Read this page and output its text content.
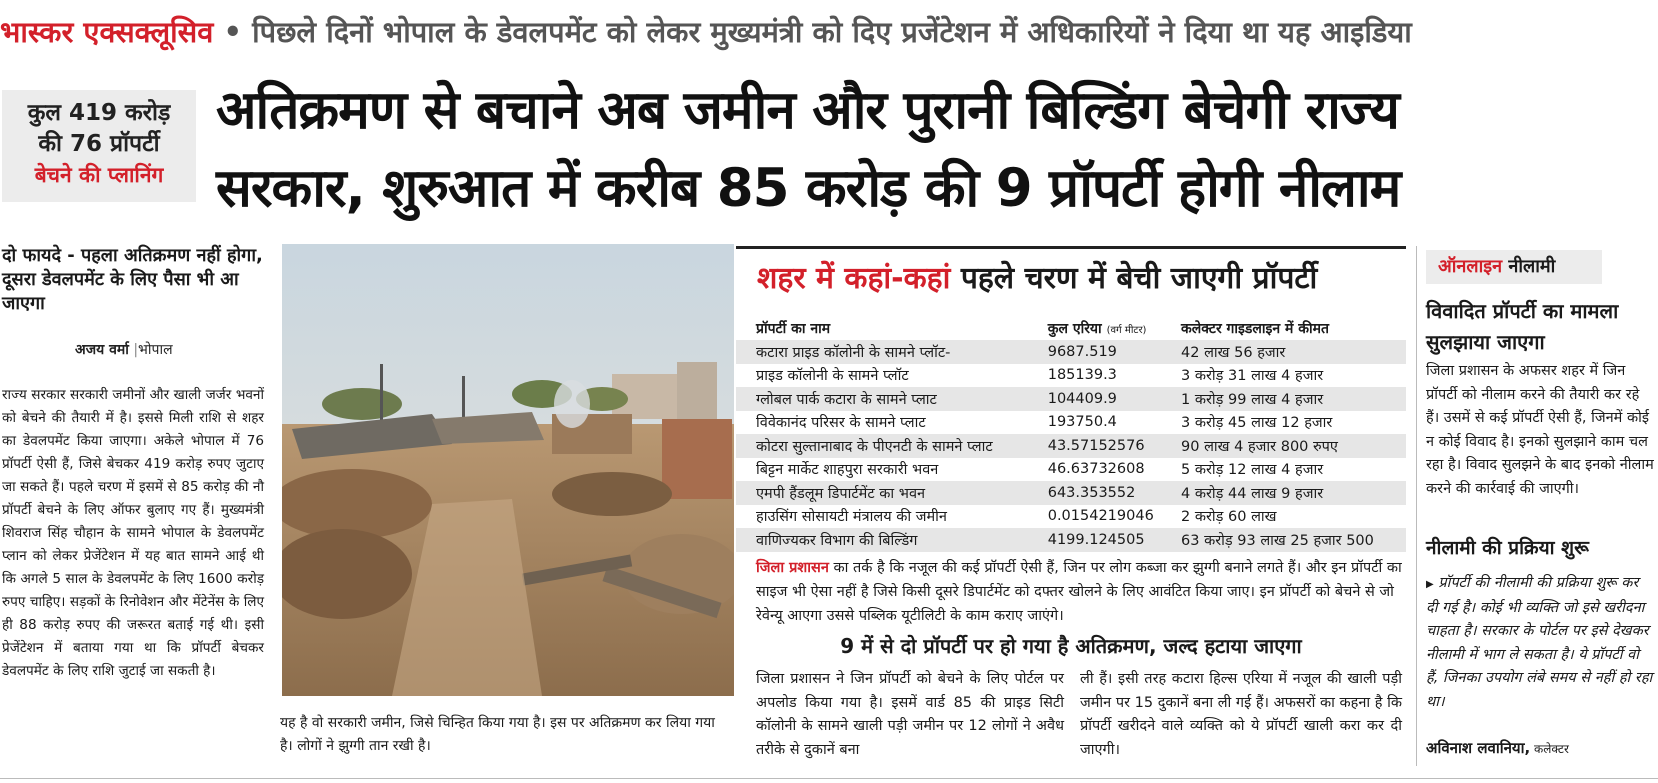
भास्कर एक्सक्लूसिव • पिछले दिनों भोपाल के डेवलपमेंट को लेकर मुख्यमंत्री को दिए प्रजेंटेशन में अधिकारियों ने दिया था यह आइडिया
कुल 419 करोड़
की 76 प्रॉपर्टी
बेचने की प्लानिंग
अतिक्रमण से बचाने अब जमीन और पुरानी बिल्डिंग बेचेगी राज्य
सरकार, शुरुआत में करीब 85 करोड़ की 9 प्रॉपर्टी होगी नीलाम
दो फायदे - पहला अतिक्रमण नहीं होगा, दूसरा डेवलपमेंट के लिए पैसा भी आ जाएगा
अजय वर्मा |भोपाल
राज्य सरकार सरकारी जमीनों और खाली जर्जर भवनों को बेचने की तैयारी में है। इससे मिली राशि से शहर का डेवलपमेंट किया जाएगा। अकेले भोपाल में 76 प्रॉपर्टी ऐसी हैं, जिसे बेचकर 419 करोड़ रुपए जुटाए जा सकते हैं। पहले चरण में इसमें से 85 करोड़ की नौ प्रॉपर्टी बेचने के लिए ऑफर बुलाए गए हैं। मुख्यमंत्री शिवराज सिंह चौहान के सामने भोपाल के डेवलपमेंट प्लान को लेकर प्रेजेंटेशन में यह बात सामने आई थी कि अगले 5 साल के डेवलपमेंट के लिए 1600 करोड़ रुपए चाहिए। सड़कों के रिनोवेशन और मेंटेनेंस के लिए ही 88 करोड़ रुपए की जरूरत बताई गई थी। इसी प्रेजेंटेशन में बताया गया था कि प्रॉपर्टी बेचकर डेवलपमेंट के लिए राशि जुटाई जा सकती है।
यह है वो सरकारी जमीन, जिसे चिन्हित किया गया है। इस पर अतिक्रमण कर लिया गया है। लोगों ने झुग्गी तान रखी है।
शहर में कहां-कहां पहले चरण में बेची जाएगी प्रॉपर्टी
प्रॉपर्टी का नाम	कुल एरिया (वर्ग मीटर)	कलेक्टर गाइडलाइन में कीमत
कटारा प्राइड कॉलोनी के सामने प्लॉट-	9687.519	42 लाख 56 हजार
प्राइड कॉलोनी के सामने प्लॉट	185139.3	3 करोड़ 31 लाख 4 हजार
ग्लोबल पार्क कटारा के सामने प्लाट	104409.9	1 करोड़ 99 लाख 4 हजार
विवेकानंद परिसर के सामने प्लाट	193750.4	3 करोड़ 45 लाख 12 हजार
कोटरा सुल्तानाबाद के पीएनटी के सामने प्लाट	43.57152576	90 लाख 4 हजार 800 रुपए
बिट्टन मार्केट शाहपुरा सरकारी भवन	46.63732608	5 करोड़ 12 लाख 4 हजार
एमपी हैंडलूम डिपार्टमेंट का भवन	643.353552	4 करोड़ 44 लाख 9 हजार
हाउसिंग सोसायटी मंत्रालय की जमीन	0.0154219046	2 करोड़ 60 लाख
वाणिज्यकर विभाग की बिल्डिंग	4199.124505	63 करोड़ 93 लाख 25 हजार 500
जिला प्रशासन का तर्क है कि नजूल की कई प्रॉपर्टी ऐसी हैं, जिन पर लोग कब्जा कर झुग्गी बनाने लगते हैं। और इन प्रॉपर्टी का साइज भी ऐसा नहीं है जिसे किसी दूसरे डिपार्टमेंट को दफ्तर खोलने के लिए आवंटित किया जाए। इन प्रॉपर्टी को बेचने से जो रेवेन्यू आएगा उससे पब्लिक यूटीलिटी के काम कराए जाएंगे।
9 में से दो प्रॉपर्टी पर हो गया है अतिक्रमण, जल्द हटाया जाएगा
जिला प्रशासन ने जिन प्रॉपर्टी को बेचने के लिए पोर्टल पर अपलोड किया गया है। इसमें वार्ड 85 की प्राइड सिटी कॉलोनी के सामने खाली पड़ी जमीन पर 12 लोगों ने अवैध तरीके से दुकानें बना
ली हैं। इसी तरह कटारा हिल्स एरिया में नजूल की खाली पड़ी जमीन पर 15 दुकानें बना ली गई हैं। अफसरों का कहना है कि प्रॉपर्टी खरीदने वाले व्यक्ति को ये प्रॉपर्टी खाली करा कर दी जाएगी।
ऑनलाइन नीलामी
विवादित प्रॉपर्टी का मामला सुलझाया जाएगा
जिला प्रशासन के अफसर शहर में जिन प्रॉपर्टी को नीलाम करने की तैयारी कर रहे हैं। उसमें से कई प्रॉपर्टी ऐसी हैं, जिनमें कोई न कोई विवाद है। इनको सुलझाने काम चल रहा है। विवाद सुलझने के बाद इनको नीलाम करने की कार्रवाई की जाएगी।
नीलामी की प्रक्रिया शुरू
▶ प्रॉपर्टी की नीलामी की प्रक्रिया शुरू कर दी गई है। कोई भी व्यक्ति जो इसे खरीदना चाहता है। सरकार के पोर्टल पर इसे देखकर नीलामी में भाग ले सकता है। ये प्रॉपर्टी वो हैं, जिनका उपयोग लंबे समय से नहीं हो रहा था।
अविनाश लवानिया, कलेक्टर
